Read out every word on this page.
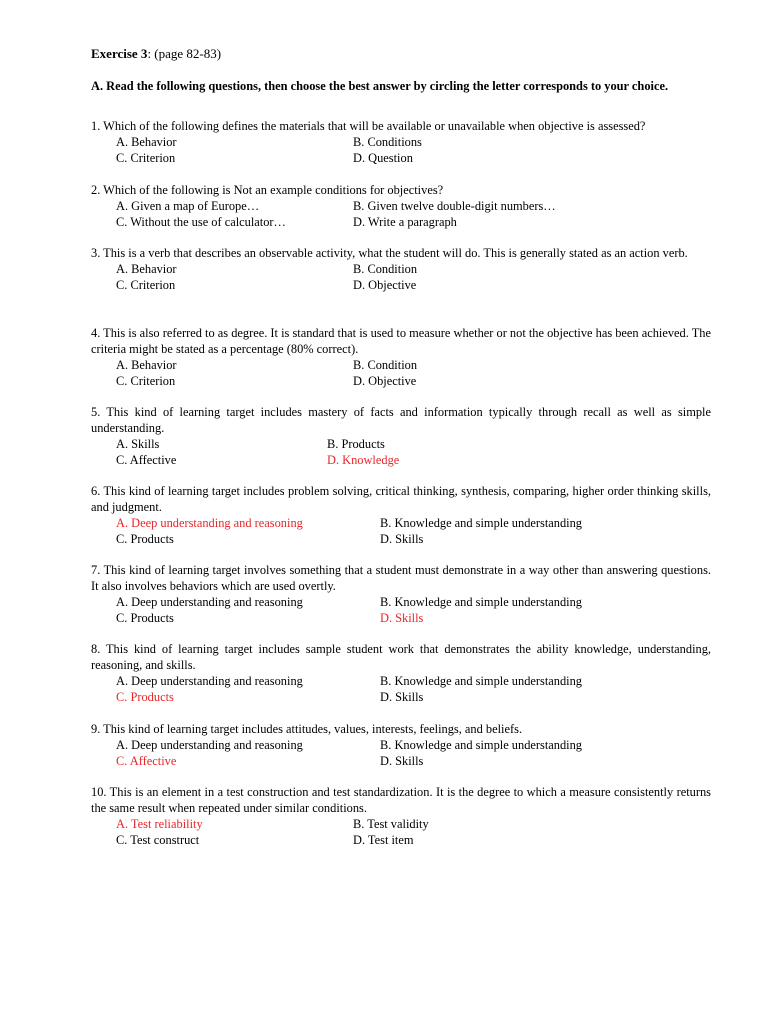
Exercise 3: (page 82-83)
A. Read the following questions, then choose the best answer by circling the letter corresponds to your choice.
1. Which of the following defines the materials that will be available or unavailable when objective is assessed?
A. Behavior	B. Conditions
C. Criterion	D. Question
2. Which of the following is Not an example conditions for objectives?
A. Given a map of Europe…	B. Given twelve double-digit numbers…
C. Without the use of calculator…	D. Write a paragraph
3. This is a verb that describes an observable activity, what the student will do. This is generally stated as an action verb.
A. Behavior	B. Condition
C. Criterion	D. Objective
4. This is also referred to as degree. It is standard that is used to measure whether or not the objective has been achieved. The criteria might be stated as a percentage (80% correct).
A. Behavior	B. Condition
C. Criterion	D. Objective
5. This kind of learning target includes mastery of facts and information typically through recall as well as simple understanding.
A. Skills	B. Products
C. Affective	D. Knowledge
6. This kind of learning target includes problem solving, critical thinking, synthesis, comparing, higher order thinking skills, and judgment.
A. Deep understanding and reasoning	B. Knowledge and simple understanding
C. Products	D. Skills
7. This kind of learning target involves something that a student must demonstrate in a way other than answering questions. It also involves behaviors which are used overtly.
A. Deep understanding and reasoning	B. Knowledge and simple understanding
C. Products	D. Skills
8. This kind of learning target includes sample student work that demonstrates the ability knowledge, understanding, reasoning, and skills.
A. Deep understanding and reasoning	B. Knowledge and simple understanding
C. Products	D. Skills
9. This kind of learning target includes attitudes, values, interests, feelings, and beliefs.
A. Deep understanding and reasoning	B. Knowledge and simple understanding
C. Affective	D. Skills
10. This is an element in a test construction and test standardization. It is the degree to which a measure consistently returns the same result when repeated under similar conditions.
A. Test reliability	B. Test validity
C. Test construct	D. Test item
